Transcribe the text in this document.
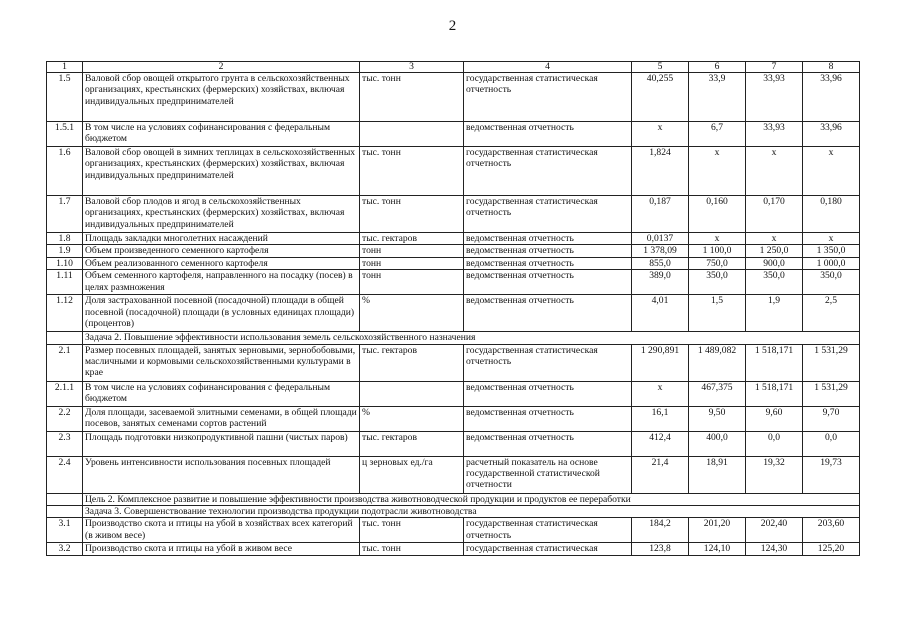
2
1	2	3	4	5	6	7	8
1.5	Валовой сбор овощей открытого грунта в сельскохозяйственных организациях, крестьянских (фермерских) хозяйствах, включая индивидуальных предпринимателей	тыс. тонн	государственная статистическая отчетность	40,255	33,9	33,93	33,96
1.5.1	В том числе на условиях софинансирования с федеральным бюджетом		ведомственная отчетность	x	6,7	33,93	33,96
1.6	Валовой сбор овощей в зимних теплицах в сельскохозяйственных организациях, крестьянских (фермерских) хозяйствах, включая индивидуальных предпринимателей	тыс. тонн	государственная статистическая отчетность	1,824	x	x	x
1.7	Валовой сбор плодов и ягод в сельскохозяйственных организациях, крестьянских (фермерских) хозяйствах, включая индивидуальных предпринимателей	тыс. тонн	государственная статистическая отчетность	0,187	0,160	0,170	0,180
1.8	Площадь закладки многолетних насаждений	тыс. гектаров	ведомственная отчетность	0,0137	x	x	x
1.9	Объем произведенного семенного картофеля	тонн	ведомственная отчетность	1 378,09	1 100,0	1 250,0	1 350,0
1.10	Объем реализованного семенного картофеля	тонн	ведомственная отчетность	855,0	750,0	900,0	1 000,0
1.11	Объем семенного картофеля, направленного на посадку (посев) в целях размножения	тонн	ведомственная отчетность	389,0	350,0	350,0	350,0
1.12	Доля застрахованной посевной (посадочной) площади в общей посевной (посадочной) площади (в условных единицах площади) (процентов)	%	ведомственная отчетность	4,01	1,5	1,9	2,5
	Задача 2. Повышение эффективности использования земель сельскохозяйственного назначения						
2.1	Размер посевных площадей, занятых зерновыми, зернобобовыми, масличными и кормовыми сельскохозяйственными культурами в крае	тыс. гектаров	государственная статистическая отчетность	1 290,891	1 489,082	1 518,171	1 531,29
2.1.1	В том числе на условиях софинансирования с федеральным бюджетом		ведомственная отчетность	x	467,375	1 518,171	1 531,29
2.2	Доля площади, засеваемой элитными семенами, в общей площади посевов, занятых семенами сортов растений	%	ведомственная отчетность	16,1	9,50	9,60	9,70
2.3	Площадь подготовки низкопродуктивной пашни (чистых паров)	тыс. гектаров	ведомственная отчетность	412,4	400,0	0,0	0,0
2.4	Уровень интенсивности использования посевных площадей	ц зерновых ед./га	расчетный показатель на основе государственной статистической отчетности	21,4	18,91	19,32	19,73
	Цель 2. Комплексное развитие и повышение эффективности производства животноводческой продукции и продуктов ее переработки						
	Задача 3. Совершенствование технологии производства продукции подотрасли животноводства						
3.1	Производство скота и птицы на убой в хозяйствах всех категорий (в живом весе)	тыс. тонн	государственная статистическая отчетность	184,2	201,20	202,40	203,60
3.2	Производство скота и птицы на убой в живом весе	тыс. тонн	государственная статистическая	123,8	124,10	124,30	125,20
